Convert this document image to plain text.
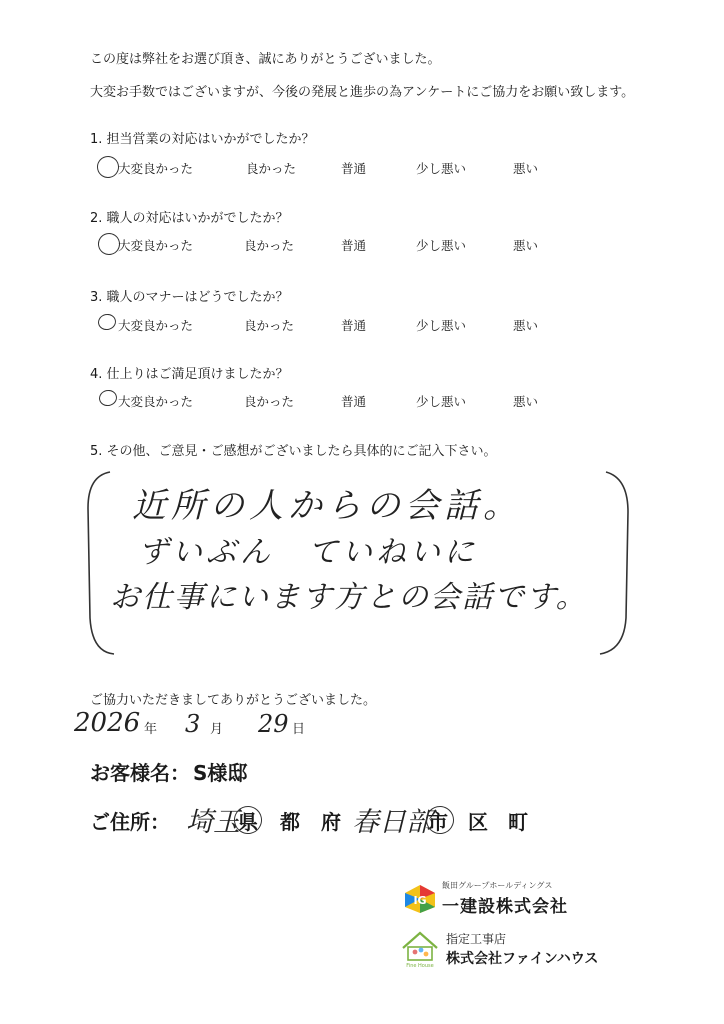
この度は弊社をお選び頂き、誠にありがとうございました。
大変お手数ではございますが、今後の発展と進歩の為アンケートにご協力をお願い致します。
1. 担当営業の対応はいかがでしたか？
大変良かった	良かった	普通	少し悪い	悪い
2. 職人の対応はいかがでしたか？
大変良かった	良かった	普通	少し悪い	悪い
3. 職人のマナーはどうでしたか？
大変良かった	良かった	普通	少し悪い	悪い
4. 仕上りはご満足頂けましたか？
大変良かった	良かった	普通	少し悪い	悪い
5. その他、ご意見・ご感想がございましたら具体的にご記入下さい。
近所の人からの会話。
ずいぶん　ていねいに
お仕事にいます方との会話です。
ご協力いただきましてありがとうございました。
2026 年 3 月 29 日
お客様名： S様邸
ご住所： 埼玉
県 都 府 春日部
市 区 町
IG
飯田グループホールディングス
一建設株式会社
Fine House
指定工事店
株式会社ファインハウス
